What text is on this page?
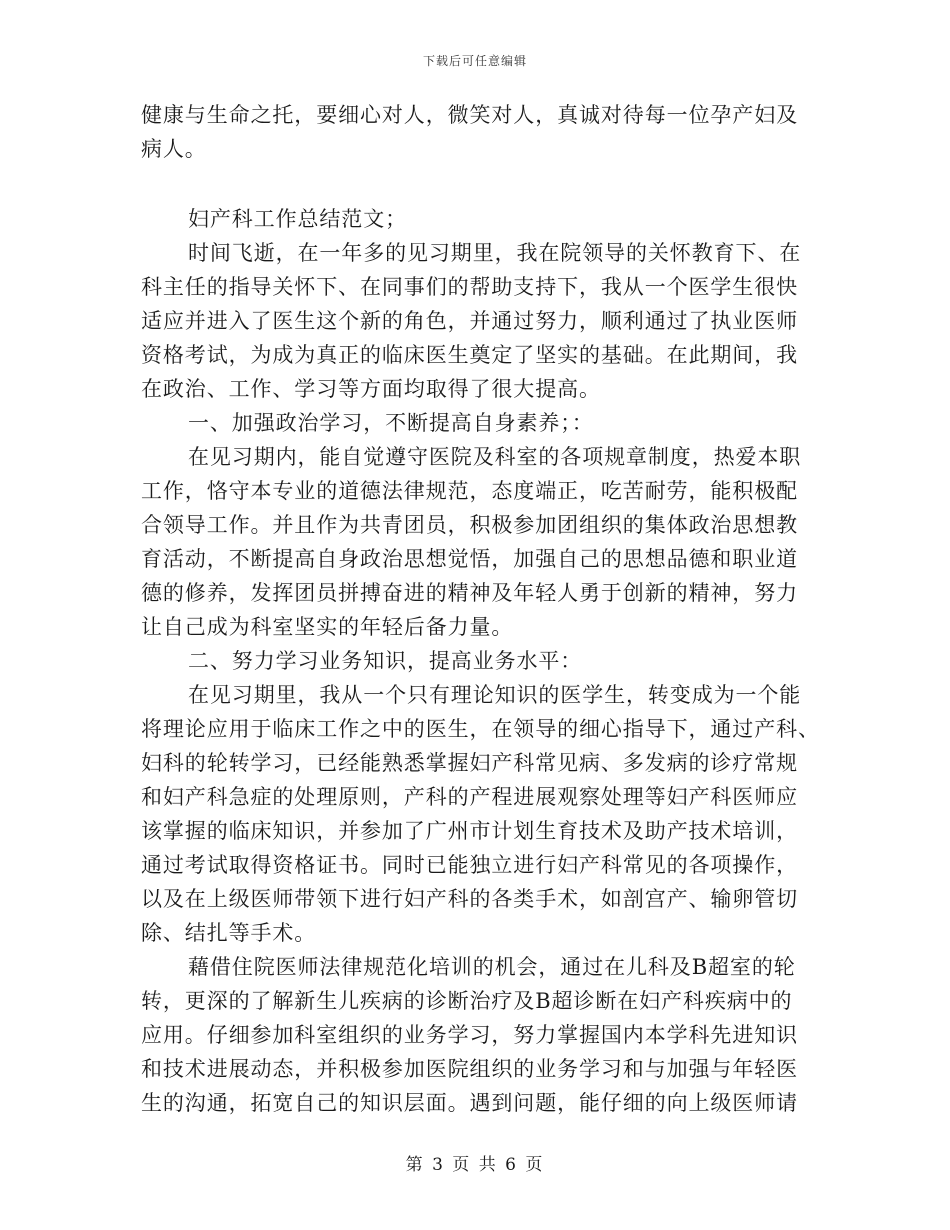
下载后可任意编辑
健康与生命之托，要细心对人，微笑对人，真诚对待每一位孕产妇及
病人。
妇产科工作总结范文；
时间飞逝，在一年多的见习期里，我在院领导的关怀教育下、在
科主任的指导关怀下、在同事们的帮助支持下，我从一个医学生很快
适应并进入了医生这个新的角色，并通过努力，顺利通过了执业医师
资格考试，为成为真正的临床医生奠定了坚实的基础。在此期间，我
在政治、工作、学习等方面均取得了很大提高。
一、加强政治学习，不断提高自身素养；：
在见习期内，能自觉遵守医院及科室的各项规章制度，热爱本职
工作，恪守本专业的道德法律规范，态度端正，吃苦耐劳，能积极配
合领导工作。并且作为共青团员，积极参加团组织的集体政治思想教
育活动，不断提高自身政治思想觉悟，加强自己的思想品德和职业道
德的修养，发挥团员拼搏奋进的精神及年轻人勇于创新的精神，努力
让自己成为科室坚实的年轻后备力量。
二、努力学习业务知识，提高业务水平：
在见习期里，我从一个只有理论知识的医学生，转变成为一个能
将理论应用于临床工作之中的医生，在领导的细心指导下，通过产科、
妇科的轮转学习，已经能熟悉掌握妇产科常见病、多发病的诊疗常规
和妇产科急症的处理原则，产科的产程进展观察处理等妇产科医师应
该掌握的临床知识，并参加了广州市计划生育技术及助产技术培训，
通过考试取得资格证书。同时已能独立进行妇产科常见的各项操作，
以及在上级医师带领下进行妇产科的各类手术，如剖宫产、输卵管切
除、结扎等手术。
藉借住院医师法律规范化培训的机会，通过在儿科及B超室的轮
转，更深的了解新生儿疾病的诊断治疗及B超诊断在妇产科疾病中的
应用。仔细参加科室组织的业务学习，努力掌握国内本学科先进知识
和技术进展动态，并积极参加医院组织的业务学习和与加强与年轻医
生的沟通，拓宽自己的知识层面。遇到问题，能仔细的向上级医师请
第 3 页 共 6 页
